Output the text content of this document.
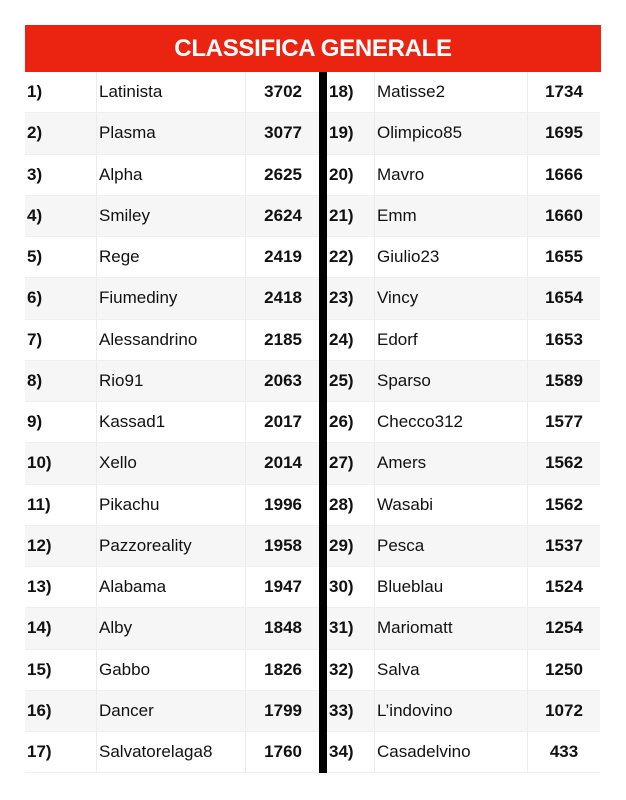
CLASSIFICA GENERALE
1)	Latinista	3702
2)	Plasma	3077
3)	Alpha	2625
4)	Smiley	2624
5)	Rege	2419
6)	Fiumediny	2418
7)	Alessandrino	2185
8)	Rio91	2063
9)	Kassad1	2017
10)	Xello	2014
11)	Pikachu	1996
12)	Pazzoreality	1958
13)	Alabama	1947
14)	Alby	1848
15)	Gabbo	1826
16)	Dancer	1799
17)	Salvatorelaga8	1760
18)	Matisse2	1734
19)	Olimpico85	1695
20)	Mavro	1666
21)	Emm	1660
22)	Giulio23	1655
23)	Vincy	1654
24)	Edorf	1653
25)	Sparso	1589
26)	Checco312	1577
27)	Amers	1562
28)	Wasabi	1562
29)	Pesca	1537
30)	Blueblau	1524
31)	Mariomatt	1254
32)	Salva	1250
33)	L’indovino	1072
34)	Casadelvino	433
